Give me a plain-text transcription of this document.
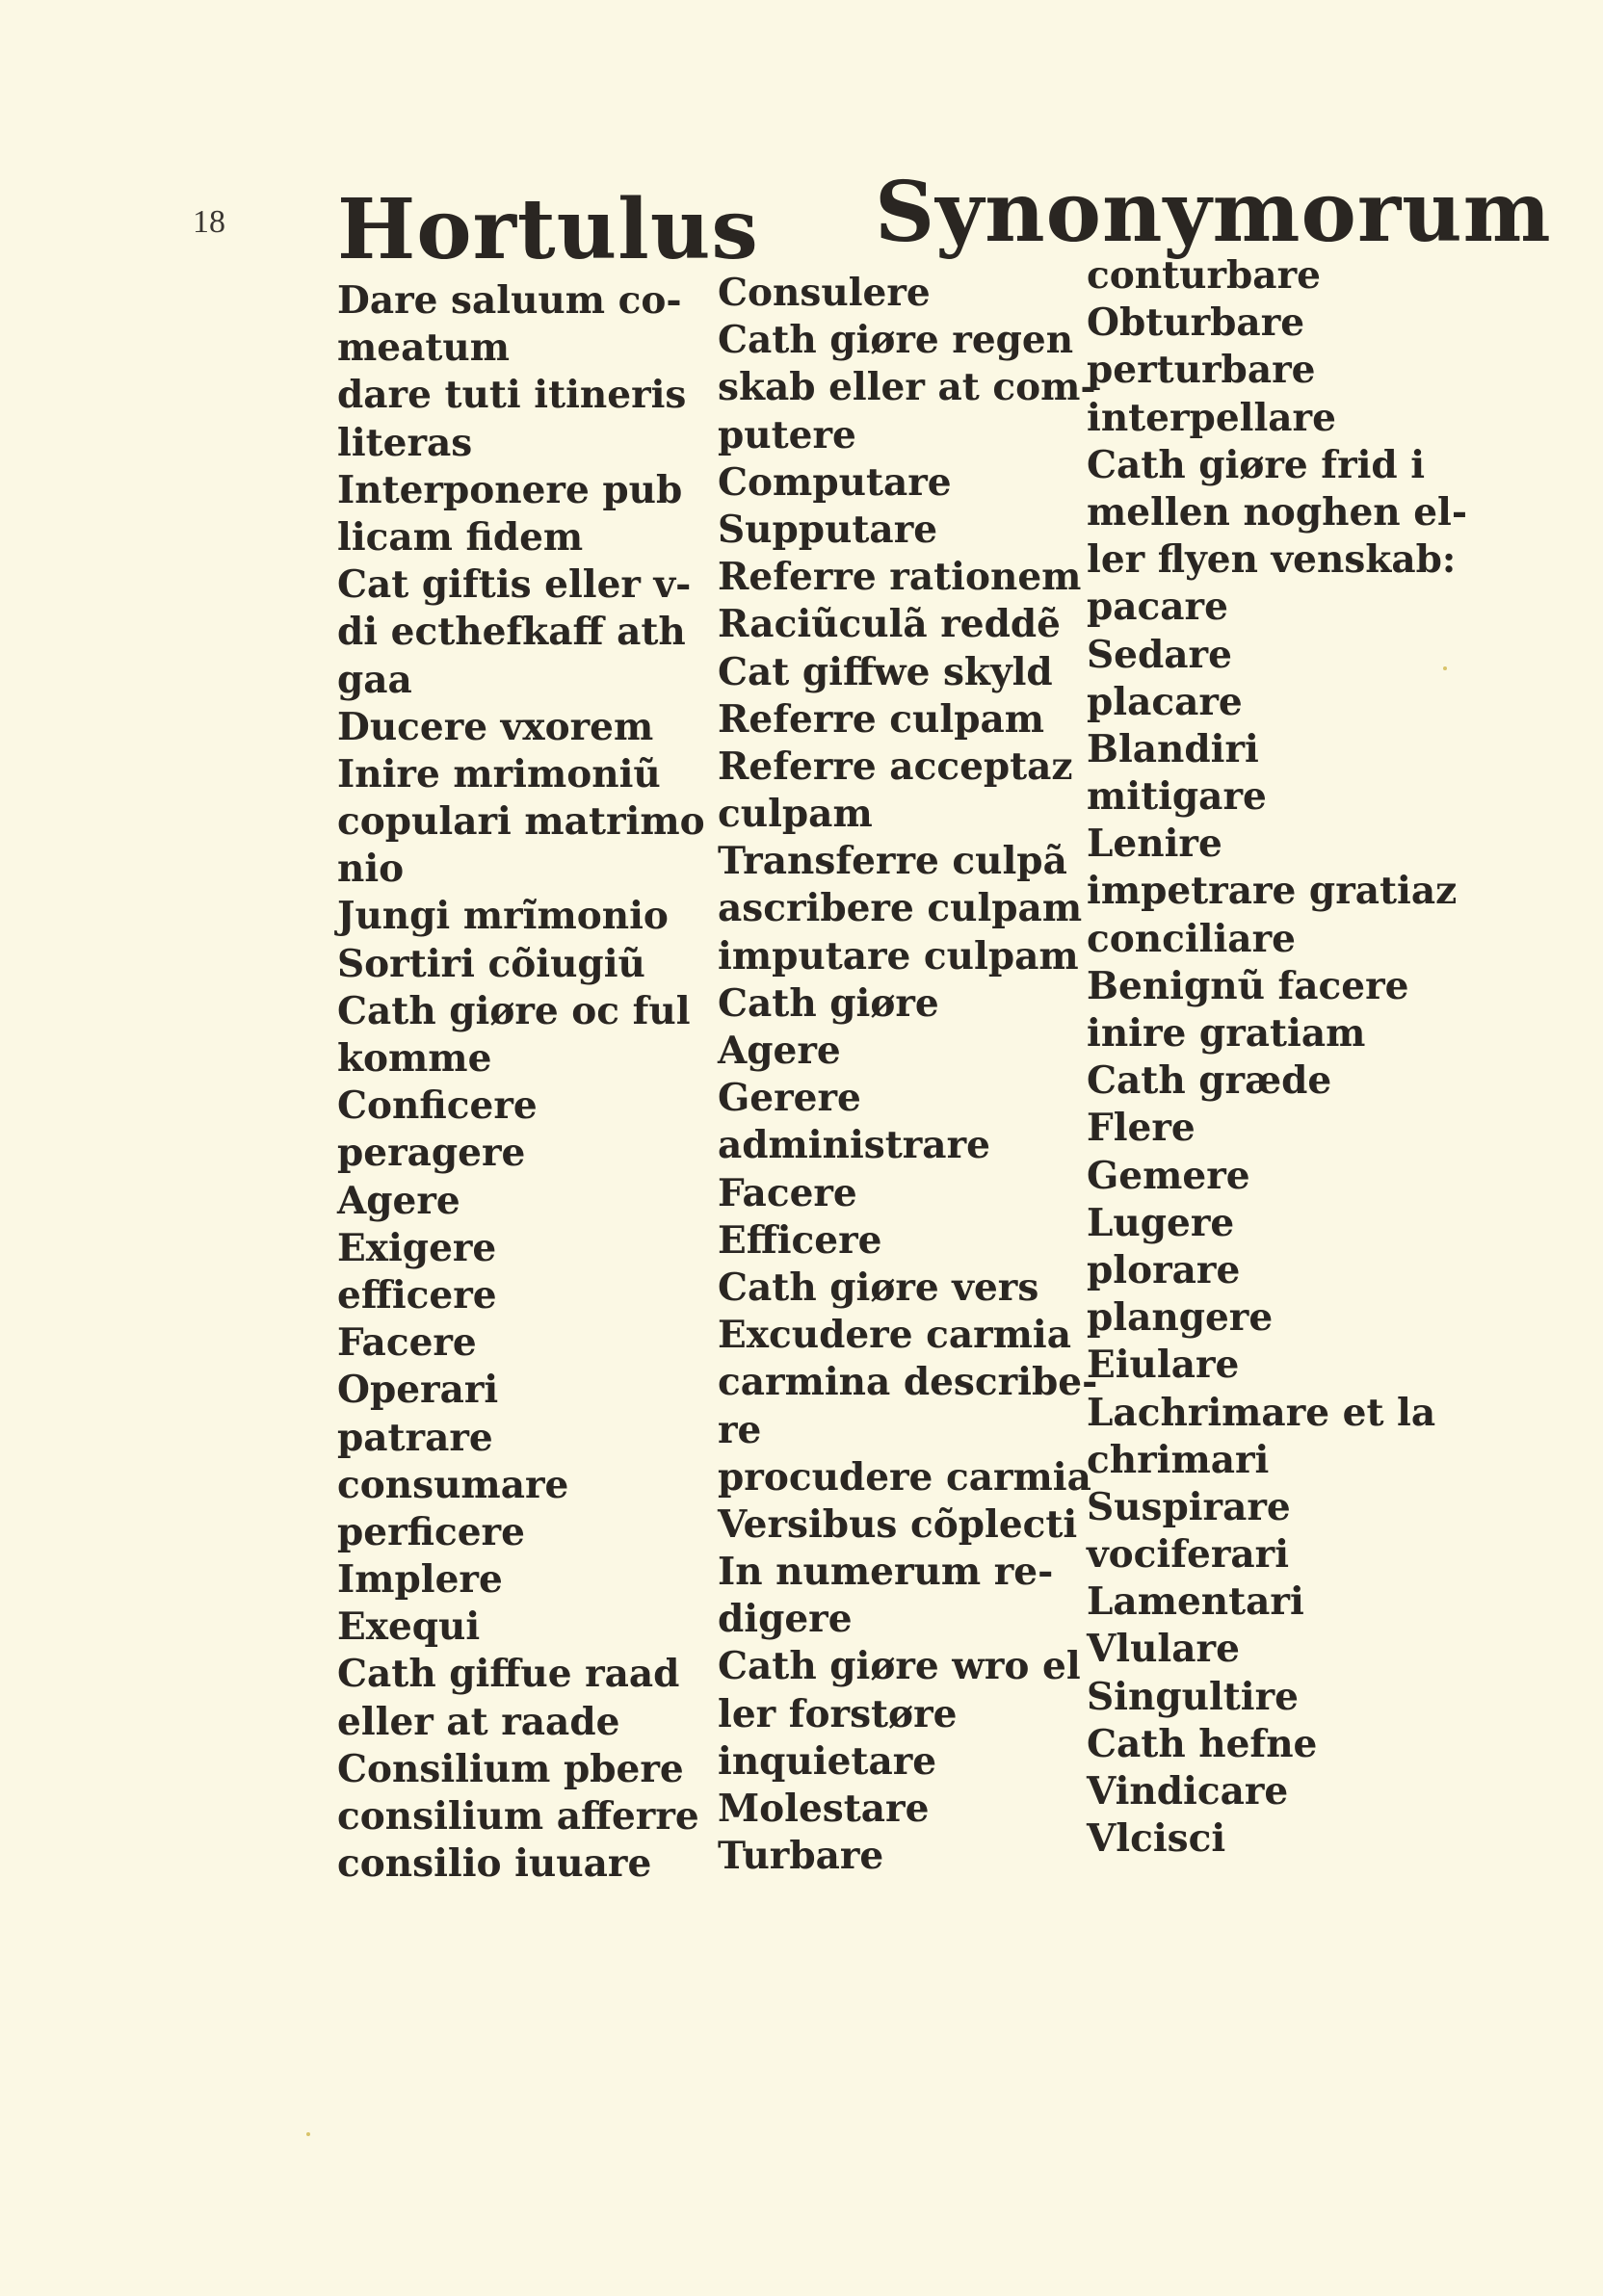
18 Hortulus Synonymorum
Dare saluum co-
meatum
dare tuti itineris
literas
Interponere pub
licam fidem
Cat giftis eller v-
di ecthefkaff ath
gaa
Ducere vxorem
Inire mrimoniũ
copulari matrimo
nio
Jungi mrĩmonio
Sortiri cõiugiũ
Cath giøre oc ful
komme
Conficere
peragere
Agere
Exigere
efficere
Facere
Operari
patrare
consumare
perficere
Implere
Exequi
Cath giffue raad
eller at raade
Consilium pbere
consilium afferre
consilio iuuare
Consulere
Cath giøre regen
skab eller at com-
putere
Computare
Supputare
Referre rationem
Raciũculã reddẽ
Cat giffwe skyld
Referre culpam
Referre acceptaz
culpam
Transferre culpã
ascribere culpam
imputare culpam
Cath giøre
Agere
Gerere
administrare
Facere
Efficere
Cath giøre vers
Excudere carmia
carmina describe-
re
procudere carmia
Versibus cõplecti
In numerum re-
digere
Cath giøre wro el
ler forstøre
inquietare
Molestare
Turbare
conturbare
Obturbare
perturbare
interpellare
Cath giøre frid i
mellen noghen el-
ler flyen venskab:
pacare
Sedare
placare
Blandiri
mitigare
Lenire
impetrare gratiaz
conciliare
Benignũ facere
inire gratiam
Cath græde
Flere
Gemere
Lugere
plorare
plangere
Eiulare
Lachrimare et la
chrimari
Suspirare
vociferari
Lamentari
Vlulare
Singultire
Cath hefne
Vindicare
Vlcisci
